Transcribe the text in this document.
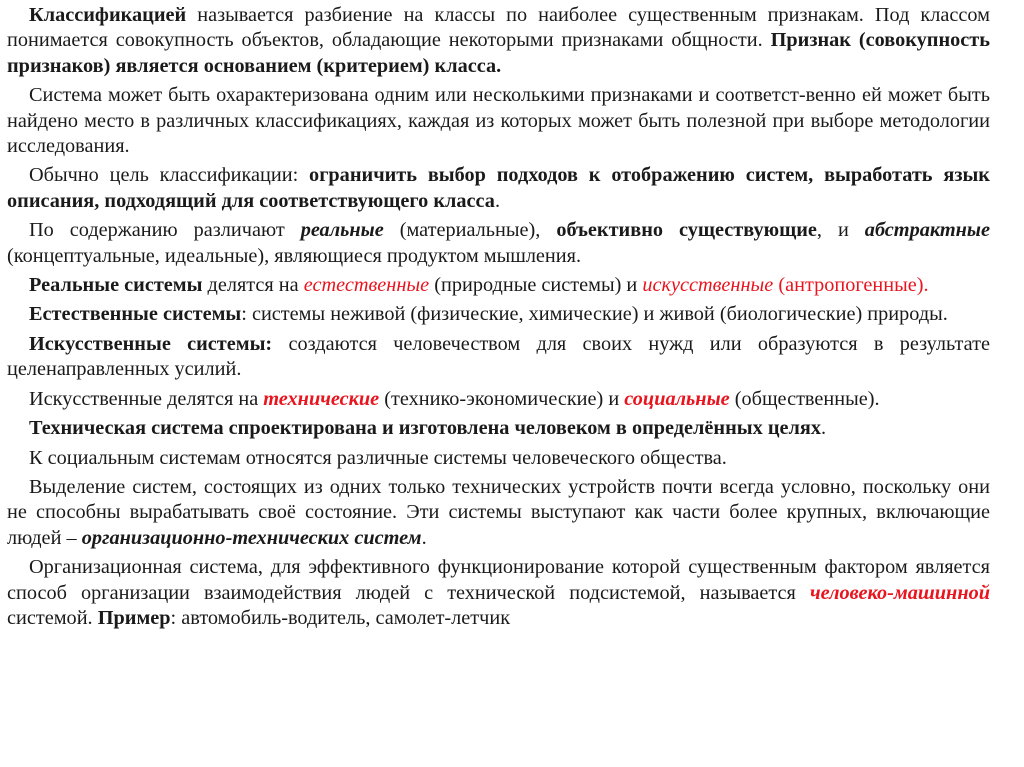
Классификацией называется разбиение на классы по наиболее существенным признакам. Под классом понимается совокупность объектов, обладающие некоторыми признаками общности. Признак (совокупность признаков) является основанием (критерием) класса.

Система может быть охарактеризована одним или несколькими признаками и соответст-венно ей может быть найдено место в различных классификациях, каждая из которых может быть полезной при выборе методологии исследования.

Обычно цель классификации: ограничить выбор подходов к отображению систем, выработать язык описания, подходящий для соответствующего класса.

По содержанию различают реальные (материальные), объективно существующие, и абстрактные (концептуальные, идеальные), являющиеся продуктом мышления.

Реальные системы делятся на естественные (природные системы) и искусственные (антропогенные).

Естественные системы: системы неживой (физические, химические) и живой (биологические) природы.

Искусственные системы: создаются человечеством для своих нужд или образуются в результате целенаправленных усилий.

Искусственные делятся на технические (технико-экономические) и социальные (общественные).

Техническая система спроектирована и изготовлена человеком в определённых целях.

К социальным системам относятся различные системы человеческого общества.

Выделение систем, состоящих из одних только технических устройств почти всегда условно, поскольку они не способны вырабатывать своё состояние. Эти системы выступают как части более крупных, включающие людей – организационно-технических систем.

Организационная система, для эффективного функционирование которой существенным фактором является способ организации взаимодействия людей с технической подсистемой, называется человеко-машинной системой. Пример: автомобиль-водитель, самолет-летчик
